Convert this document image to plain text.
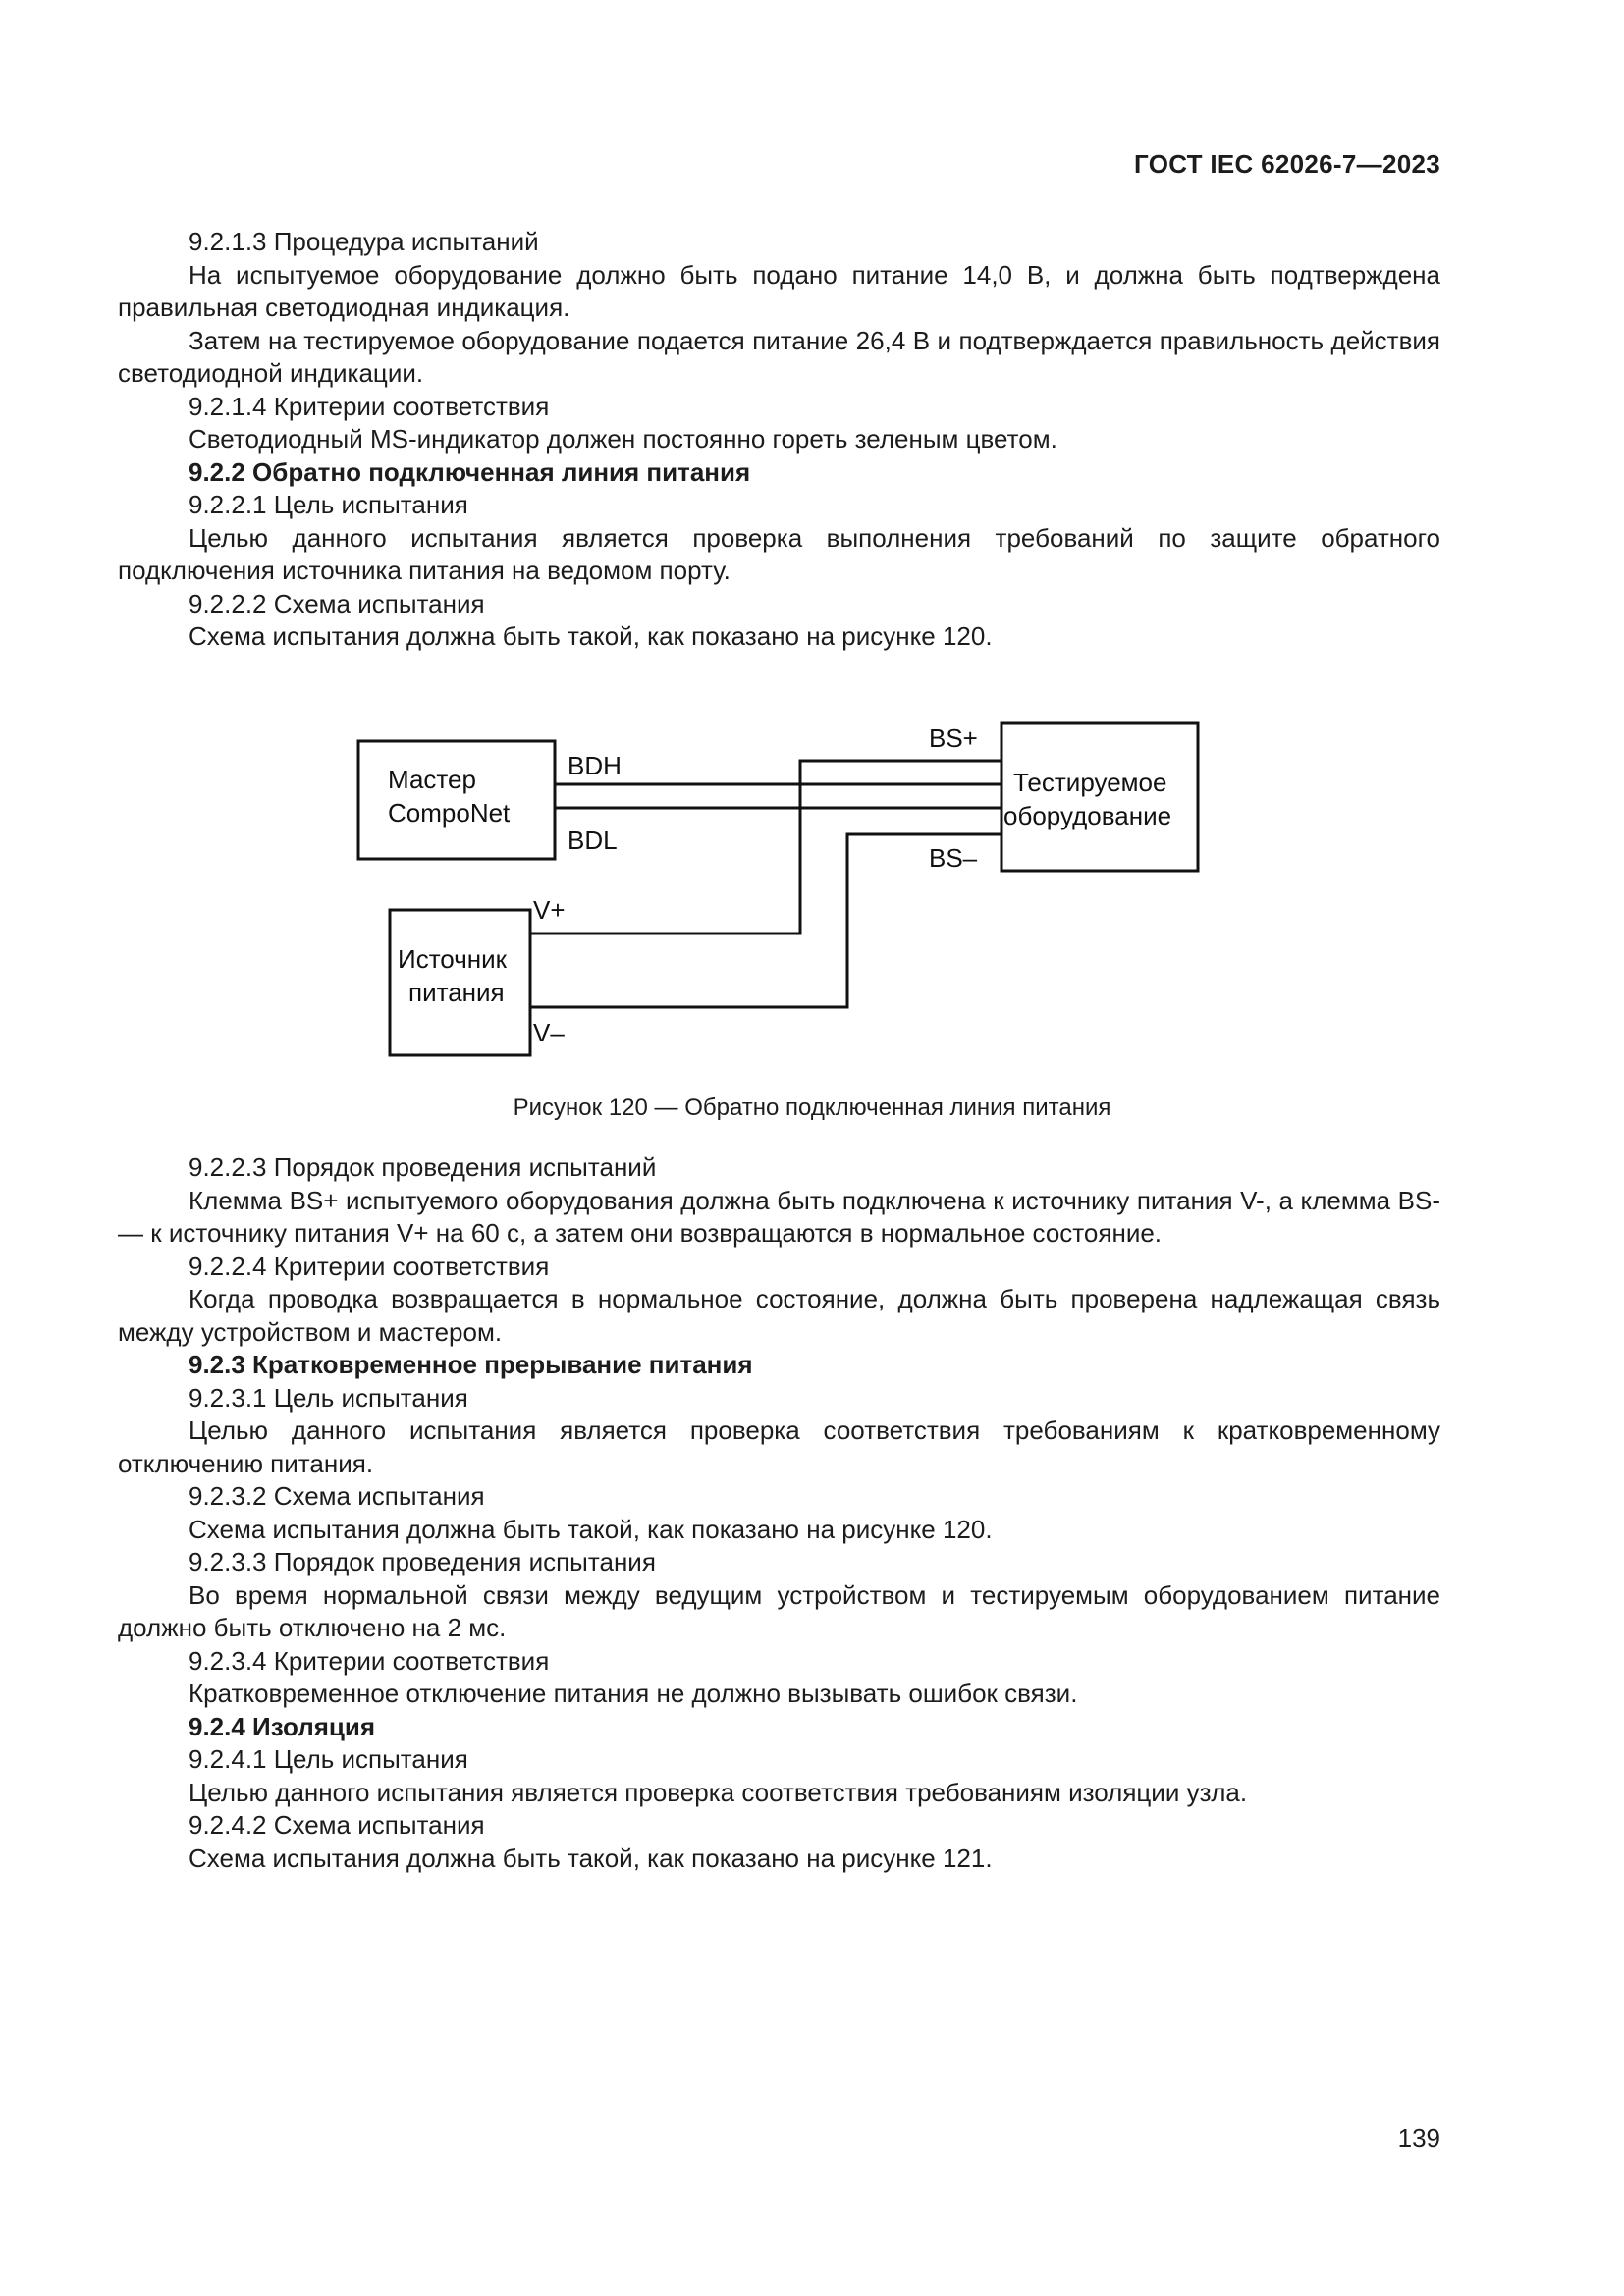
ГОСТ IEC 62026-7—2023

9.2.1.3 Процедура испытаний

На испытуемое оборудование должно быть подано питание 14,0 В, и должна быть подтверждена правильная светодиодная индикация.

Затем на тестируемое оборудование подается питание 26,4 В и подтверждается правильность действия светодиодной индикации.

9.2.1.4 Критерии соответствия

Светодиодный MS-индикатор должен постоянно гореть зеленым цветом.

9.2.2 Обратно подключенная линия питания

9.2.2.1 Цель испытания

Целью данного испытания является проверка выполнения требований по защите обратного подключения источника питания на ведомом порту.

9.2.2.2 Схема испытания

Схема испытания должна быть такой, как показано на рисунке 120.

Мастер
CompoNet
Тестируемое
оборудование
Источник
питания
BDH
BDL
BS+
V+
BS–
V–
Рисунок 120 — Обратно подключенная линия питания

9.2.2.3 Порядок проведения испытаний

Клемма BS+ испытуемого оборудования должна быть подключена к источнику питания V-, а клемма BS- — к источнику питания V+ на 60 с, а затем они возвращаются в нормальное состояние.

9.2.2.4 Критерии соответствия

Когда проводка возвращается в нормальное состояние, должна быть проверена надлежащая связь между устройством и мастером.

9.2.3 Кратковременное прерывание питания

9.2.3.1 Цель испытания

Целью данного испытания является проверка соответствия требованиям к кратковременному отключению питания.

9.2.3.2 Схема испытания

Схема испытания должна быть такой, как показано на рисунке 120.

9.2.3.3 Порядок проведения испытания

Во время нормальной связи между ведущим устройством и тестируемым оборудованием питание должно быть отключено на 2 мс.

9.2.3.4 Критерии соответствия

Кратковременное отключение питания не должно вызывать ошибок связи.

9.2.4 Изоляция

9.2.4.1 Цель испытания

Целью данного испытания является проверка соответствия требованиям изоляции узла.

9.2.4.2 Схема испытания

Схема испытания должна быть такой, как показано на рисунке 121.

139
